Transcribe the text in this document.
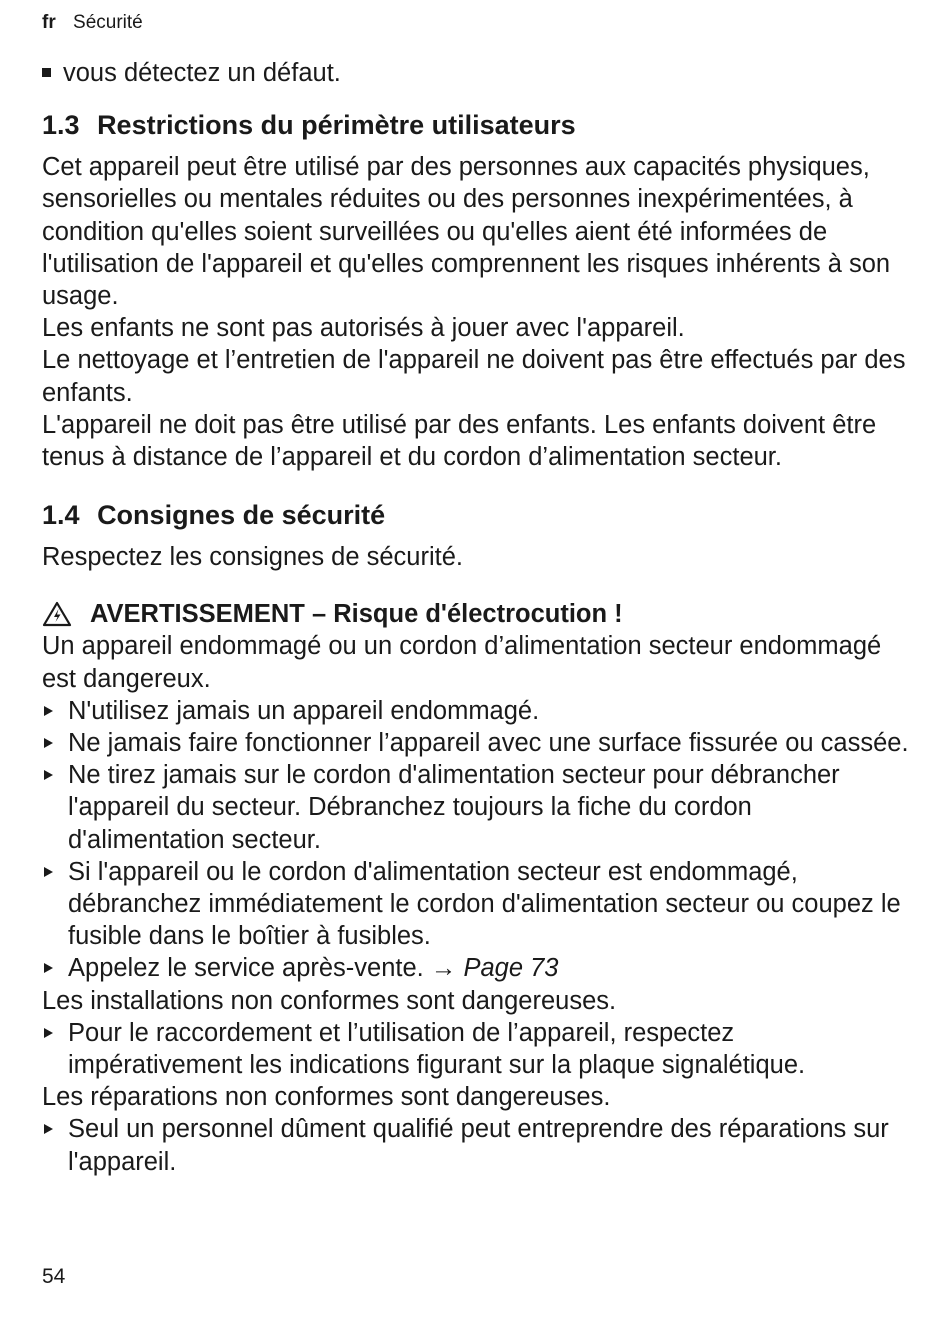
fr Sécurité
vous détectez un défaut.
1.3 Restrictions du périmètre utilisateurs

Cet appareil peut être utilisé par des personnes aux capacités physiques, sensorielles ou mentales réduites ou des personnes inexpérimentées, à condition qu'elles soient surveillées ou qu'elles aient été informées de l'utilisation de l'appareil et qu'elles comprennent les risques inhérents à son usage.

Les enfants ne sont pas autorisés à jouer avec l'appareil.

Le nettoyage et l’entretien de l'appareil ne doivent pas être effectués par des enfants.

L'appareil ne doit pas être utilisé par des enfants. Les enfants doivent être tenus à distance de l’appareil et du cordon d’alimentation secteur.

1.4 Consignes de sécurité

Respectez les consignes de sécurité.

AVERTISSEMENT – Risque d'électrocution !

Un appareil endommagé ou un cordon d’alimentation secteur endommagé est dangereux.

N'utilisez jamais un appareil endommagé.
Ne jamais faire fonctionner l’appareil avec une surface fissurée ou cassée.
Ne tirez jamais sur le cordon d'alimentation secteur pour débrancher l'appareil du secteur. Débranchez toujours la fiche du cordon d'alimentation secteur.
Si l'appareil ou le cordon d'alimentation secteur est endommagé, débranchez immédiatement le cordon d'alimentation secteur ou coupez le fusible dans le boîtier à fusibles.
Appelez le service après-vente. → Page 73

Les installations non conformes sont dangereuses.

Pour le raccordement et l’utilisation de l’appareil, respectez impérativement les indications figurant sur la plaque signalétique.

Les réparations non conformes sont dangereuses.

Seul un personnel dûment qualifié peut entreprendre des réparations sur l'appareil.
54
